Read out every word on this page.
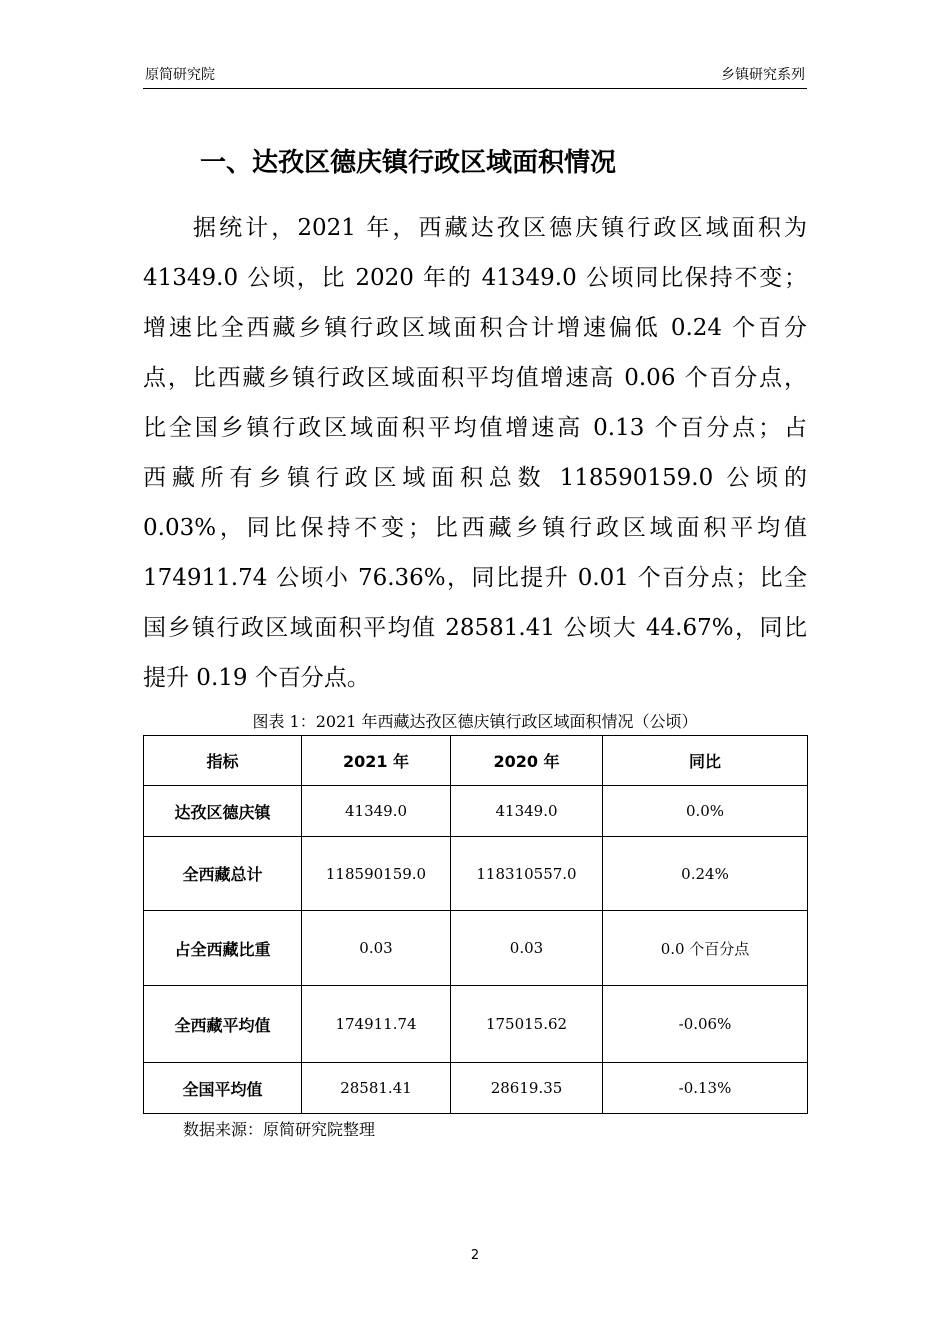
原简研究院	乡镇研究系列
一、达孜区德庆镇行政区域面积情况
据统计，2021 年，西藏达孜区德庆镇行政区域面积为
41349.0 公顷，比 2020 年的 41349.0 公顷同比保持不变；
增速比全西藏乡镇行政区域面积合计增速偏低 0.24 个百分
点，比西藏乡镇行政区域面积平均值增速高 0.06 个百分点，
比全国乡镇行政区域面积平均值增速高 0.13 个百分点；占
西藏所有乡镇行政区域面积总数 118590159.0 公顷的
0.03%，同比保持不变；比西藏乡镇行政区域面积平均值
174911.74 公顷小 76.36%，同比提升 0.01 个百分点；比全
国乡镇行政区域面积平均值 28581.41 公顷大 44.67%，同比
提升 0.19 个百分点。
图表 1：2021 年西藏达孜区德庆镇行政区域面积情况（公顷）
指标	2021 年	2020 年	同比
达孜区德庆镇	41349.0	41349.0	0.0%
全西藏总计	118590159.0	118310557.0	0.24%
占全西藏比重	0.03	0.03	0.0 个百分点
全西藏平均值	174911.74	175015.62	-0.06%
全国平均值	28581.41	28619.35	-0.13%
数据来源：原简研究院整理
2
